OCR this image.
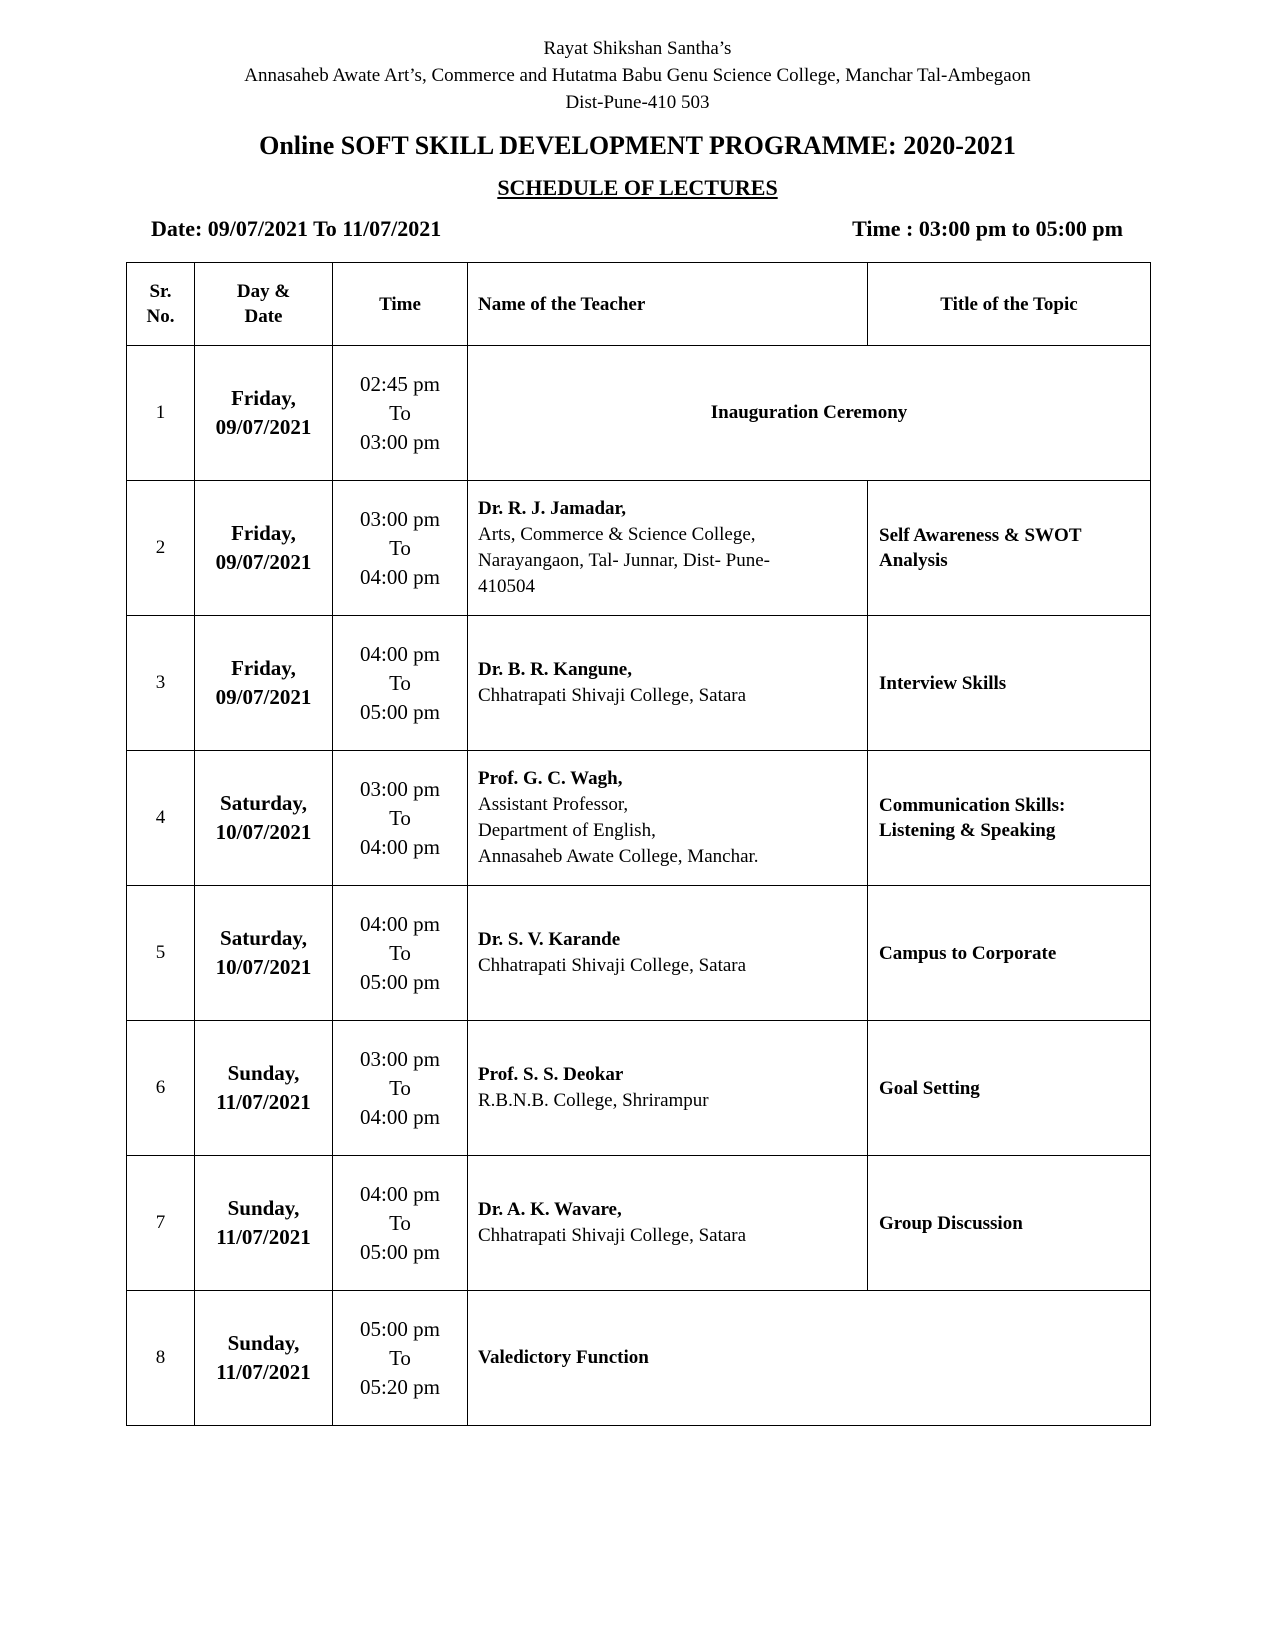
Rayat Shikshan Santha’s
Annasaheb Awate Art’s, Commerce and Hutatma Babu Genu Science College, Manchar Tal-Ambegaon
Dist-Pune-410 503
Online SOFT SKILL DEVELOPMENT PROGRAMME: 2020-2021
SCHEDULE OF LECTURES
Date: 09/07/2021 To 11/07/2021	Time : 03:00 pm to 05:00 pm
Sr.
No.	Day &
Date	Time	Name of the Teacher	Title of the Topic
1	Friday,
09/07/2021	02:45 pm
To
03:00 pm	Inauguration Ceremony	
2	Friday,
09/07/2021	03:00 pm
To
04:00 pm	Dr. R. J. Jamadar,
Arts, Commerce & Science College,
Narayangaon, Tal- Junnar, Dist- Pune-
410504	Self Awareness & SWOT Analysis
3	Friday,
09/07/2021	04:00 pm
To
05:00 pm	Dr. B. R. Kangune,
Chhatrapati Shivaji College, Satara	Interview Skills
4	Saturday,
10/07/2021	03:00 pm
To
04:00 pm	Prof. G. C. Wagh,
Assistant Professor,
Department of English,
Annasaheb Awate College, Manchar.	Communication Skills: Listening & Speaking
5	Saturday,
10/07/2021	04:00 pm
To
05:00 pm	Dr. S. V. Karande
Chhatrapati Shivaji College, Satara	Campus to Corporate
6	Sunday,
11/07/2021	03:00 pm
To
04:00 pm	Prof. S. S. Deokar
R.B.N.B. College, Shrirampur	Goal Setting
7	Sunday,
11/07/2021	04:00 pm
To
05:00 pm	Dr. A. K. Wavare,
Chhatrapati Shivaji College, Satara	Group Discussion
8	Sunday,
11/07/2021	05:00 pm
To
05:20 pm	Valedictory Function	
